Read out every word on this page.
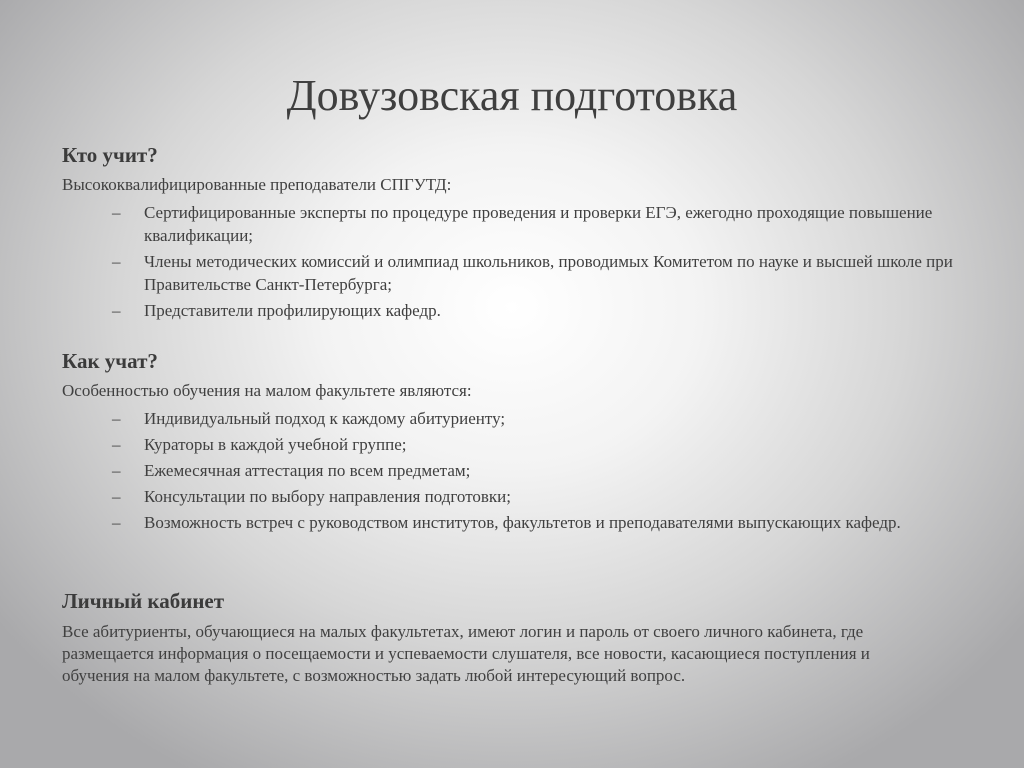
Довузовская подготовка
Кто учит?

Высококвалифицированные преподаватели СПГУТД:

– Сертифицированные эксперты по процедуре проведения и проверки ЕГЭ, ежегодно проходящие повышение квалификации;
– Члены методических комиссий и олимпиад школьников, проводимых Комитетом по науке и высшей школе при Правительстве Санкт-Петербурга;
– Представители профилирующих кафедр.
Как учат?

Особенностью обучения на малом факультете являются:

– Индивидуальный подход к каждому абитуриенту;
– Кураторы в каждой учебной группе;
– Ежемесячная аттестация по всем предметам;
– Консультации по выбору направления подготовки;
– Возможность встреч с руководством институтов, факультетов и преподавателями выпускающих кафедр.
Личный кабинет

Все абитуриенты, обучающиеся на малых факультетах, имеют логин и пароль от своего личного кабинета, где размещается информация о посещаемости и успеваемости слушателя, все новости, касающиеся поступления и обучения на малом факультете, с возможностью задать любой интересующий вопрос.
